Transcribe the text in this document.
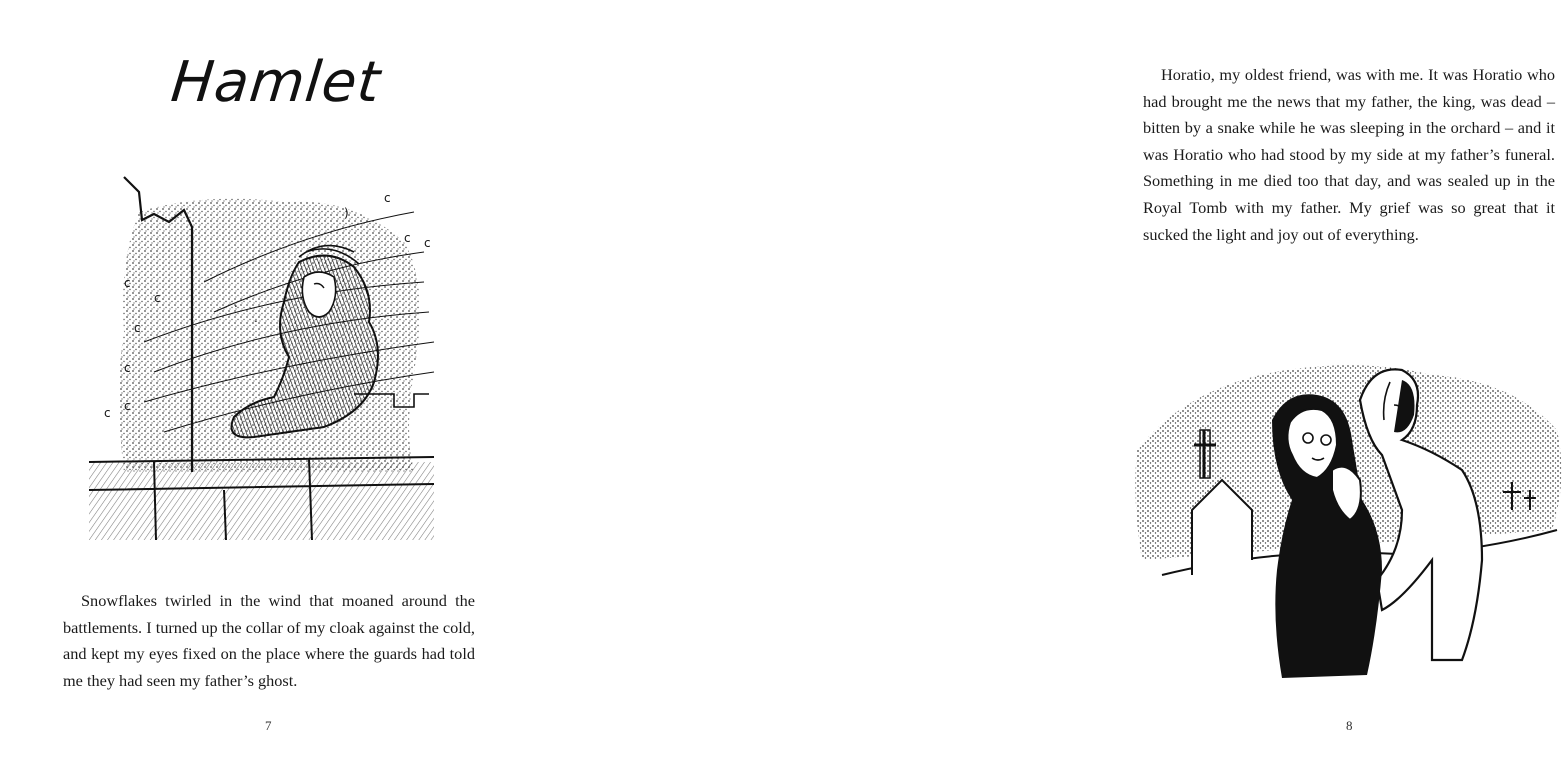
Hamlet
c
)
c c
c
c
c
c
c c
.
.

Snowflakes twirled in the wind that moaned around the battlements. I turned up the collar of my cloak against the cold, and kept my eyes fixed on the place where the guards had told me they had seen my father’s ghost.

7

Horatio, my oldest friend, was with me. It was Horatio who had brought me the news that my father, the king, was dead – bitten by a snake while he was sleeping in the orchard – and it was Horatio who had stood by my side at my father’s funeral. Something in me died too that day, and was sealed up in the Royal Tomb with my father. My grief was so great that it sucked the light and joy out of everything.

8
